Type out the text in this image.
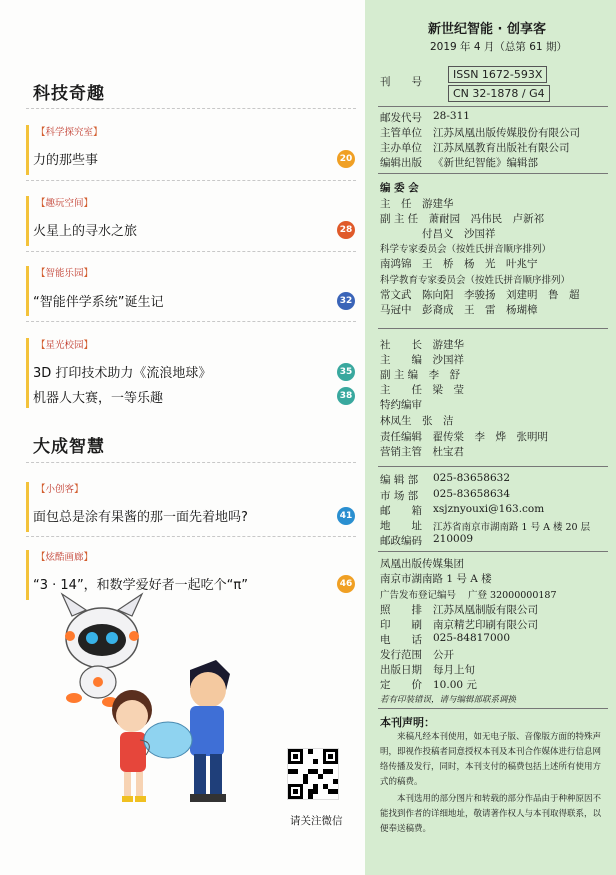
科技奇趣
【科学探究室】
力的那些事	20
【趣玩空间】
火星上的寻水之旅	28
【智能乐园】
“智能伴学系统”诞生记	32
【星光校园】
3D 打印技术助力《流浪地球》	35
机器人大赛，一等乐趣	38
大成智慧
【小创客】
面包总是涂有果酱的那一面先着地吗?	41
【炫酷画廊】
“3 · 14”，和数学爱好者一起吃个“π”	46
请关注微信
新世纪智能 · 创享客
2019 年 4 月（总第 61 期）
刊　　号
ISSN 1672-593X
CN 32-1878 / G4
邮发代号 28-311
主管单位 江苏凤凰出版传媒股份有限公司
主办单位 江苏凤凰教育出版社有限公司
编辑出版 《新世纪智能》编辑部
编 委 会
主　任　游建华
副 主 任　萧耐园　冯伟民　卢新祁
　　　　付昌义　沙国祥
科学专家委员会（按姓氏拼音顺序排列）
南鸿锦　王　桥　杨　光　叶兆宁
科学教育专家委员会（按姓氏拼音顺序排列）
常文武　陈向阳　李骏扬　刘建明　鲁　超
马冠中　彭裔成　王　雷　杨瑚樟
社　　长　游建华
主　　编　沙国祥
副 主 编　李　舒
主　　任　梁　莹
特约编审
林凤生　张　洁
责任编辑　翟传棠　李　烨　张明明
营销主管　杜宝君
编 辑 部 025-83658632
市 场 部 025-83658634
邮　　箱 xsjznyouxi@163.com
地　　址 江苏省南京市湖南路 1 号 A 楼 20 层
邮政编码 210009
凤凰出版传媒集团
南京市湖南路 1 号 A 楼
广告发布登记编号 广登 32000000187
照　　排 江苏凤凰制版有限公司
印　　刷 南京精艺印刷有限公司
电　　话 025-84817000
发行范围 公开
出版日期 每月上旬
定　　价 10.00 元
若有印装错误，请与编辑部联系调换
本刊声明：
来稿凡经本刊使用，如无电子版、音像版方面的特殊声明，即视作投稿者同意授权本刊及本刊合作媒体进行信息网络传播及发行，同时，本刊支付的稿费包括上述所有使用方式的稿费。
本刊选用的部分图片和转载的部分作品由于种种原因不能找到作者的详细地址，敬请著作权人与本刊取得联系，以便奉送稿费。
